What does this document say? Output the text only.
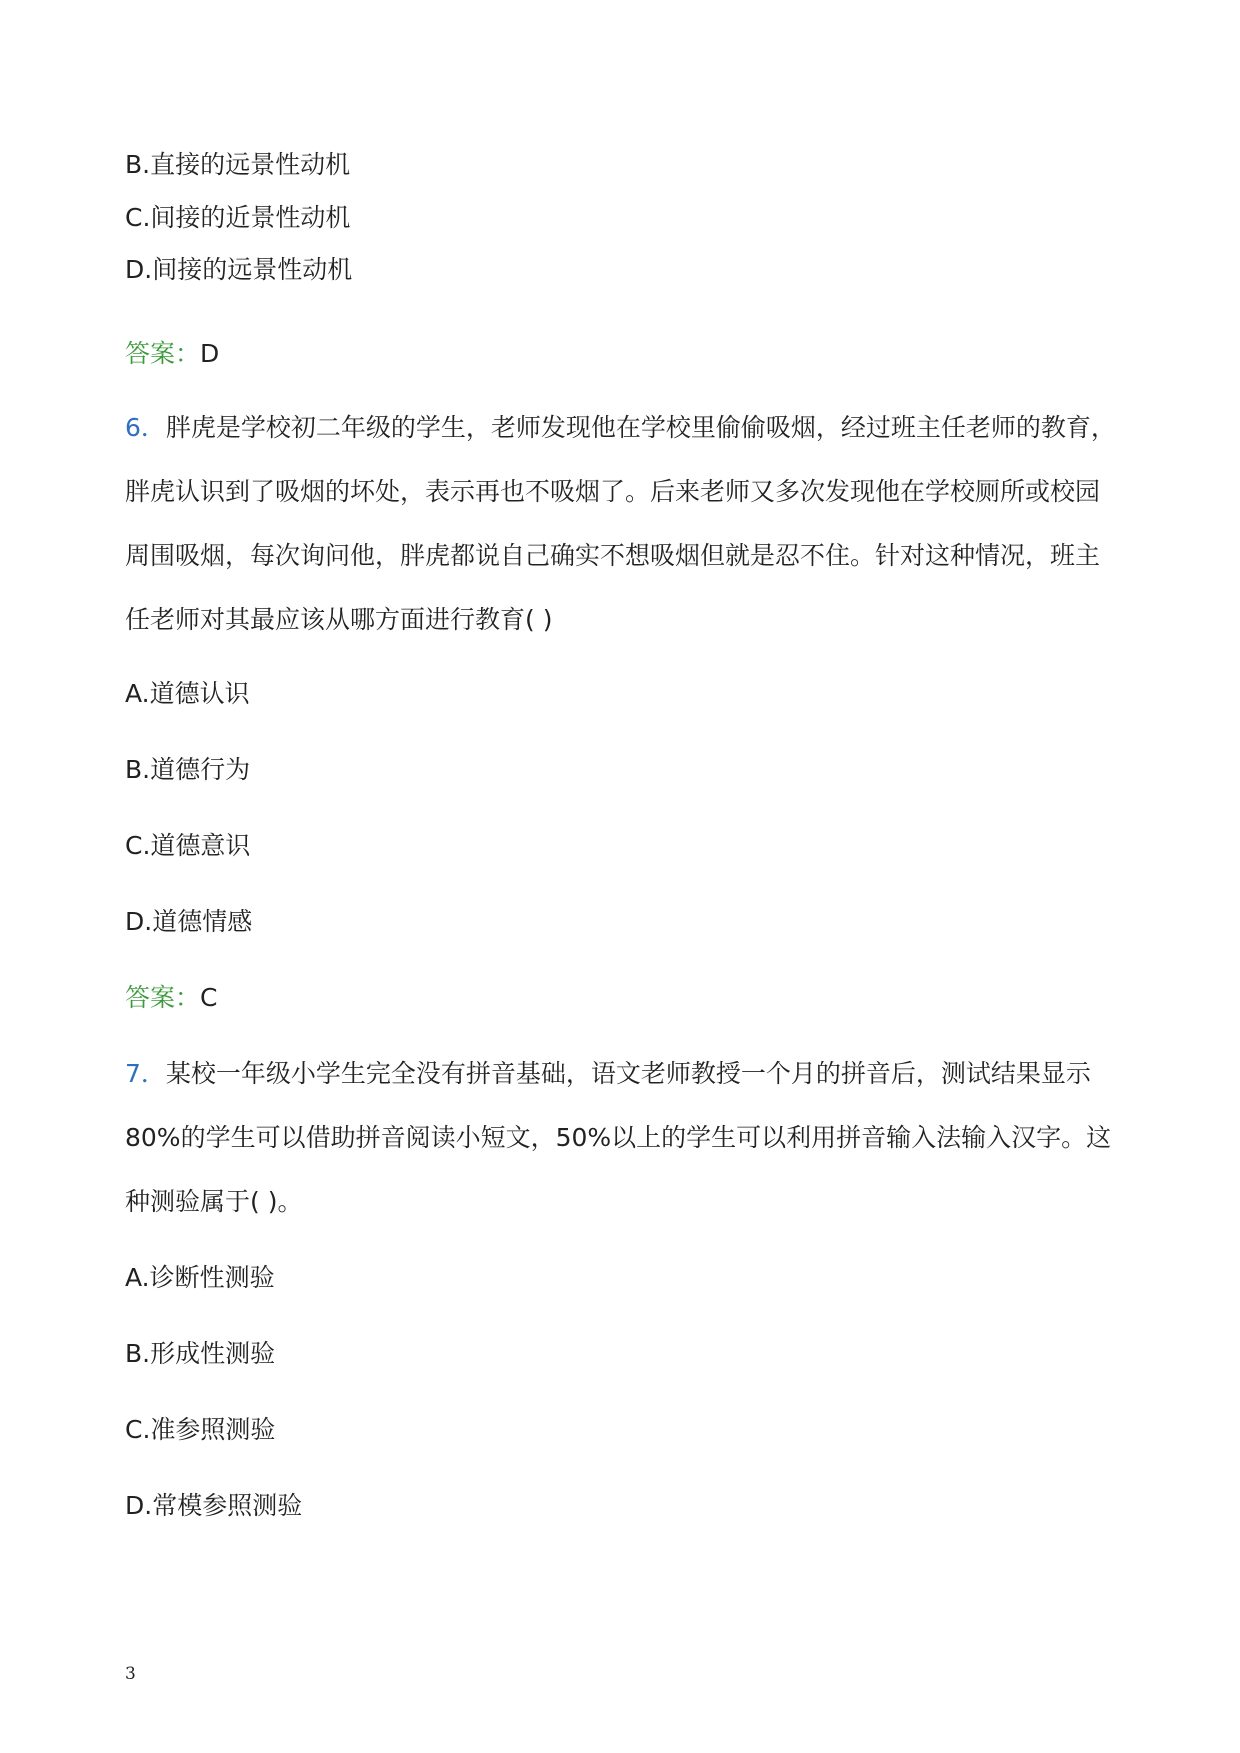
B.直接的远景性动机
C.间接的近景性动机
D.间接的远景性动机
答案：D
6．胖虎是学校初二年级的学生，老师发现他在学校里偷偷吸烟，经过班主任老师的教育，
胖虎认识到了吸烟的坏处，表示再也不吸烟了。后来老师又多次发现他在学校厕所或校园
周围吸烟，每次询问他，胖虎都说自己确实不想吸烟但就是忍不住。针对这种情况，班主
任老师对其最应该从哪方面进行教育( )
A.道德认识
B.道德行为
C.道德意识
D.道德情感
答案：C
7．某校一年级小学生完全没有拼音基础，语文老师教授一个月的拼音后，测试结果显示
80%的学生可以借助拼音阅读小短文，50%以上的学生可以利用拼音输入法输入汉字。这
种测验属于( )。
A.诊断性测验
B.形成性测验
C.准参照测验
D.常模参照测验
3
